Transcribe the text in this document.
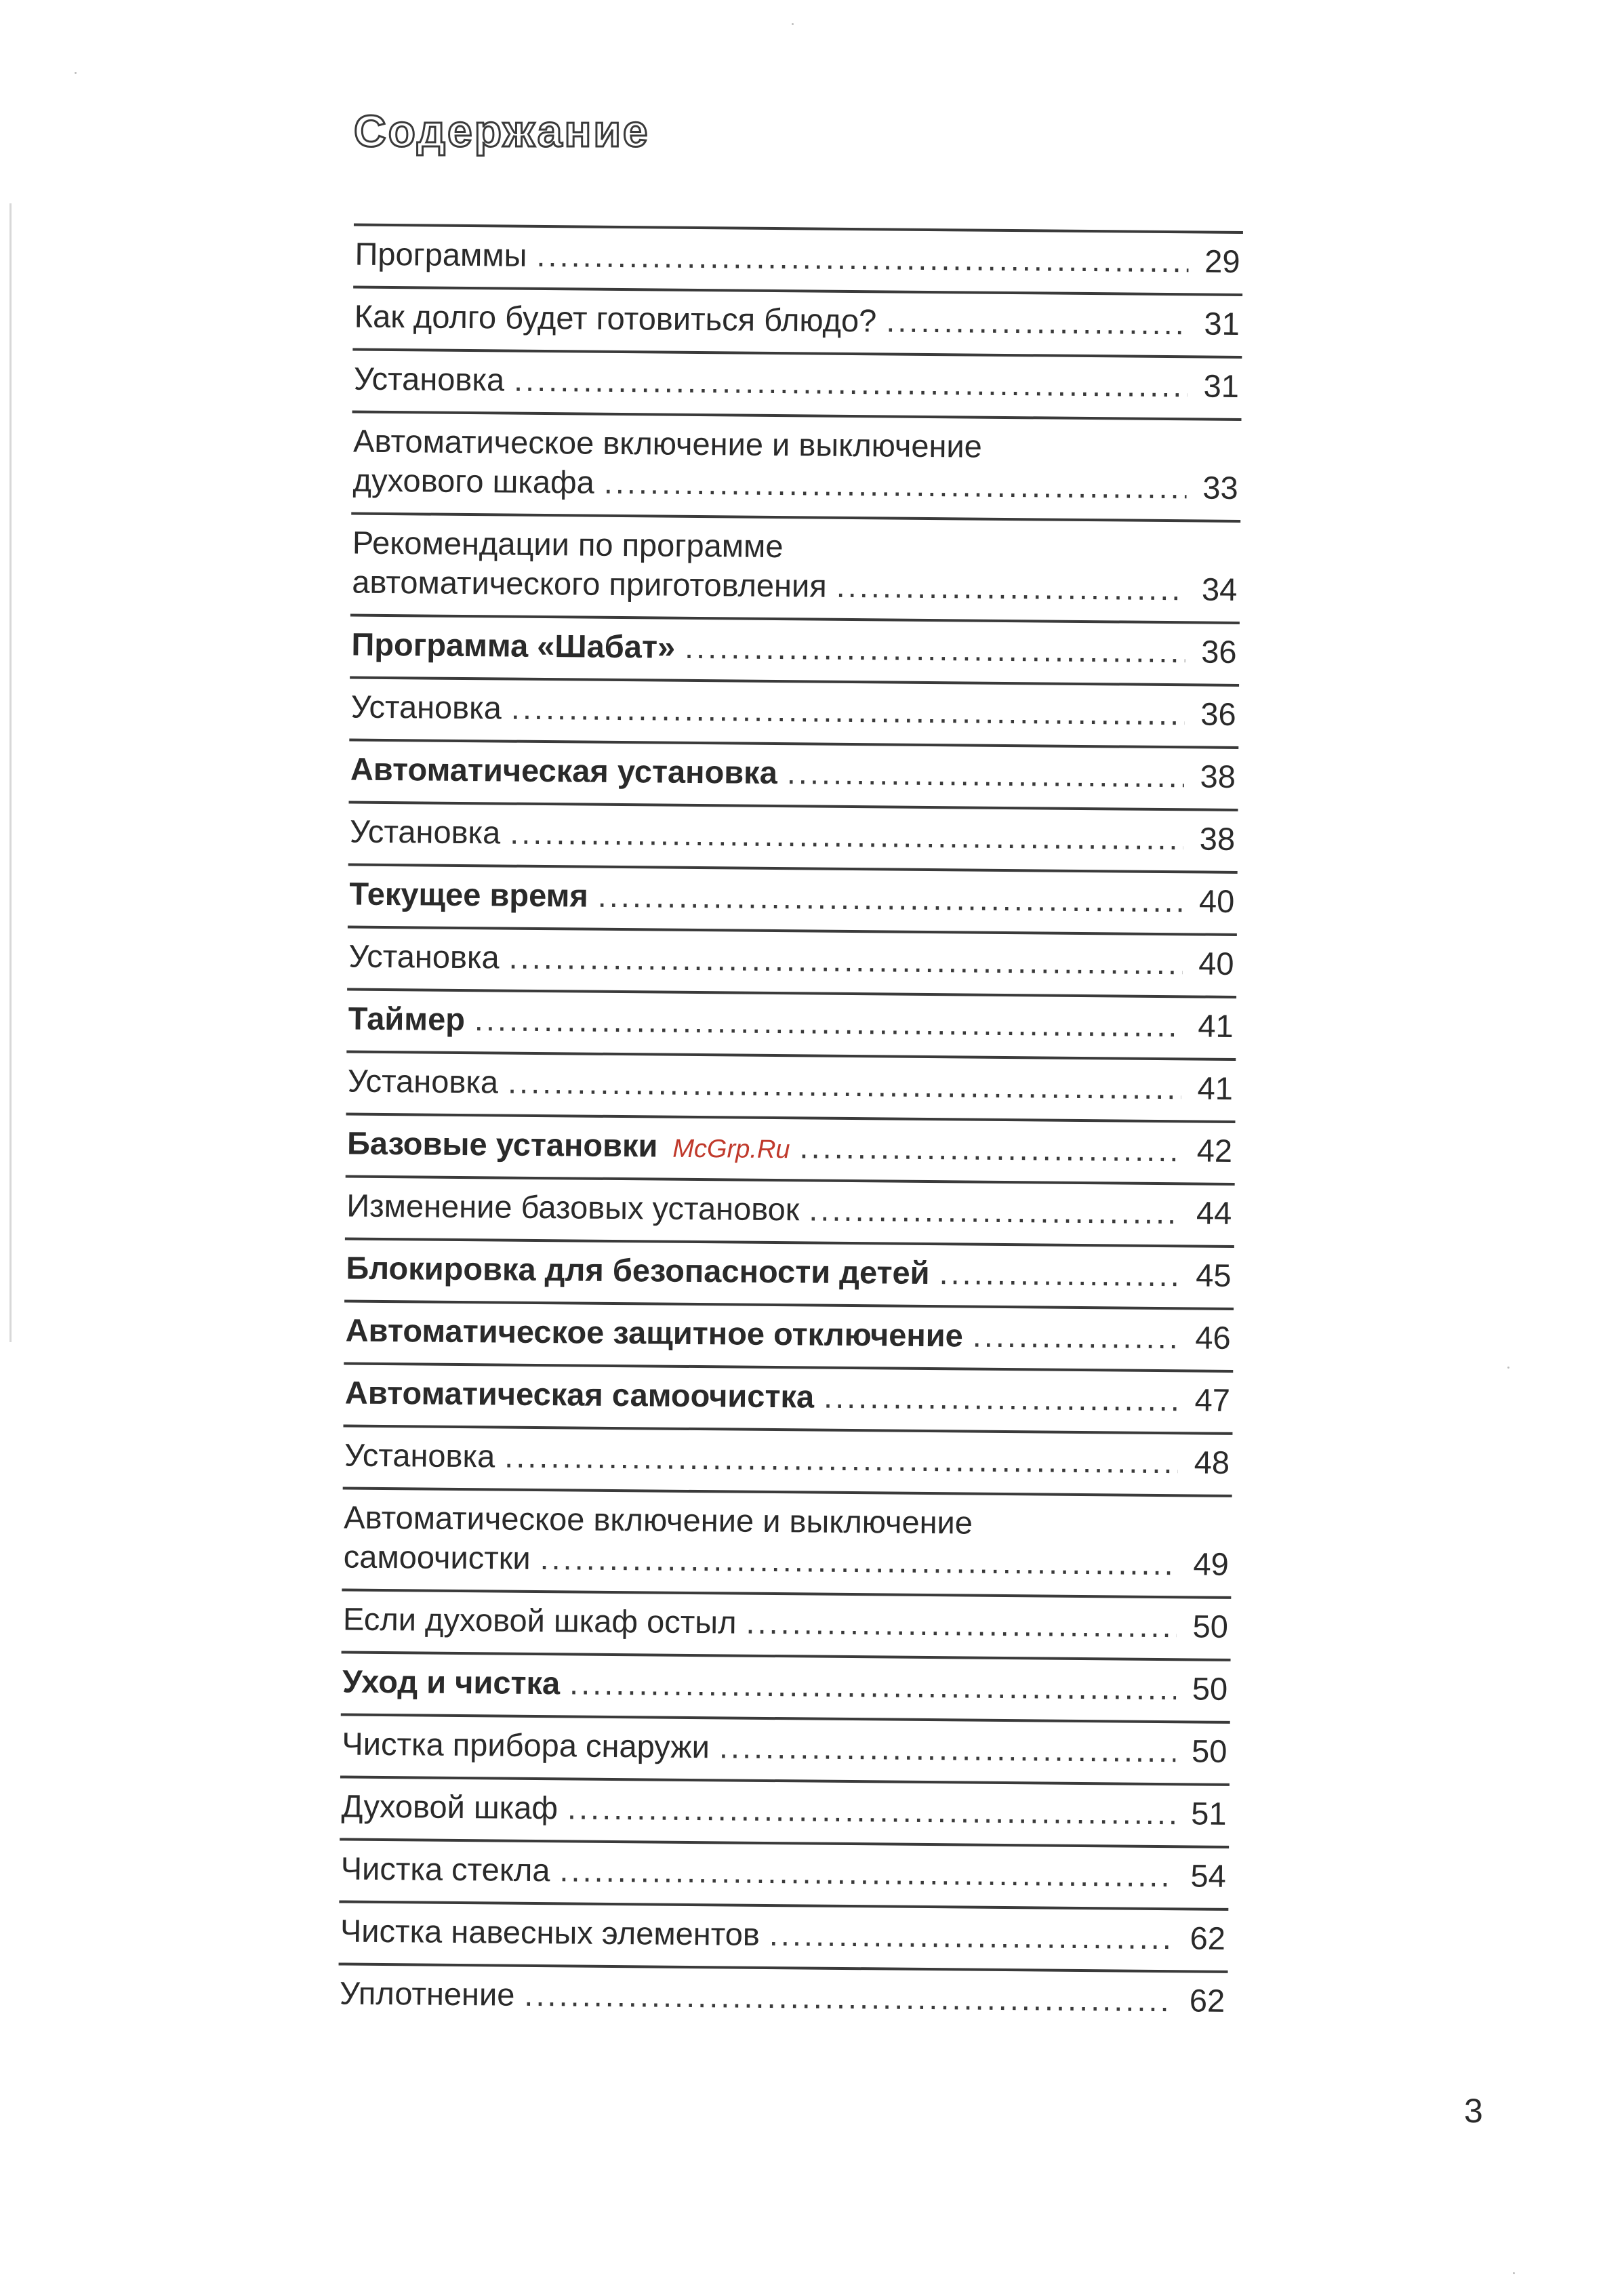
Содержание
Программы .....	29
Как долго будет готовиться блюдо? .....	31
Установка .....	31
Автоматическое включение и выключение
духового шкафа .....	33
Рекомендации по программе
автоматического приготовления .....	34
Программа «Шабат» .....	36
Установка .....	36
Автоматическая установка .....	38
Установка .....	38
Текущее время .....	40
Установка .....	40
Таймер .....	41
Установка .....	41
Базовые установки McGrp.Ru .....	42
Изменение базовых установок .....	44
Блокировка для безопасности детей .....	45
Автоматическое защитное отключение .....	46
Автоматическая самоочистка .....	47
Установка .....	48
Автоматическое включение и выключение
самоочистки .....	49
Если духовой шкаф остыл .....	50
Уход и чистка .....	50
Чистка прибора снаружи .....	50
Духовой шкаф .....	51
Чистка стекла .....	54
Чистка навесных элементов .....	62
Уплотнение .....	62
3
